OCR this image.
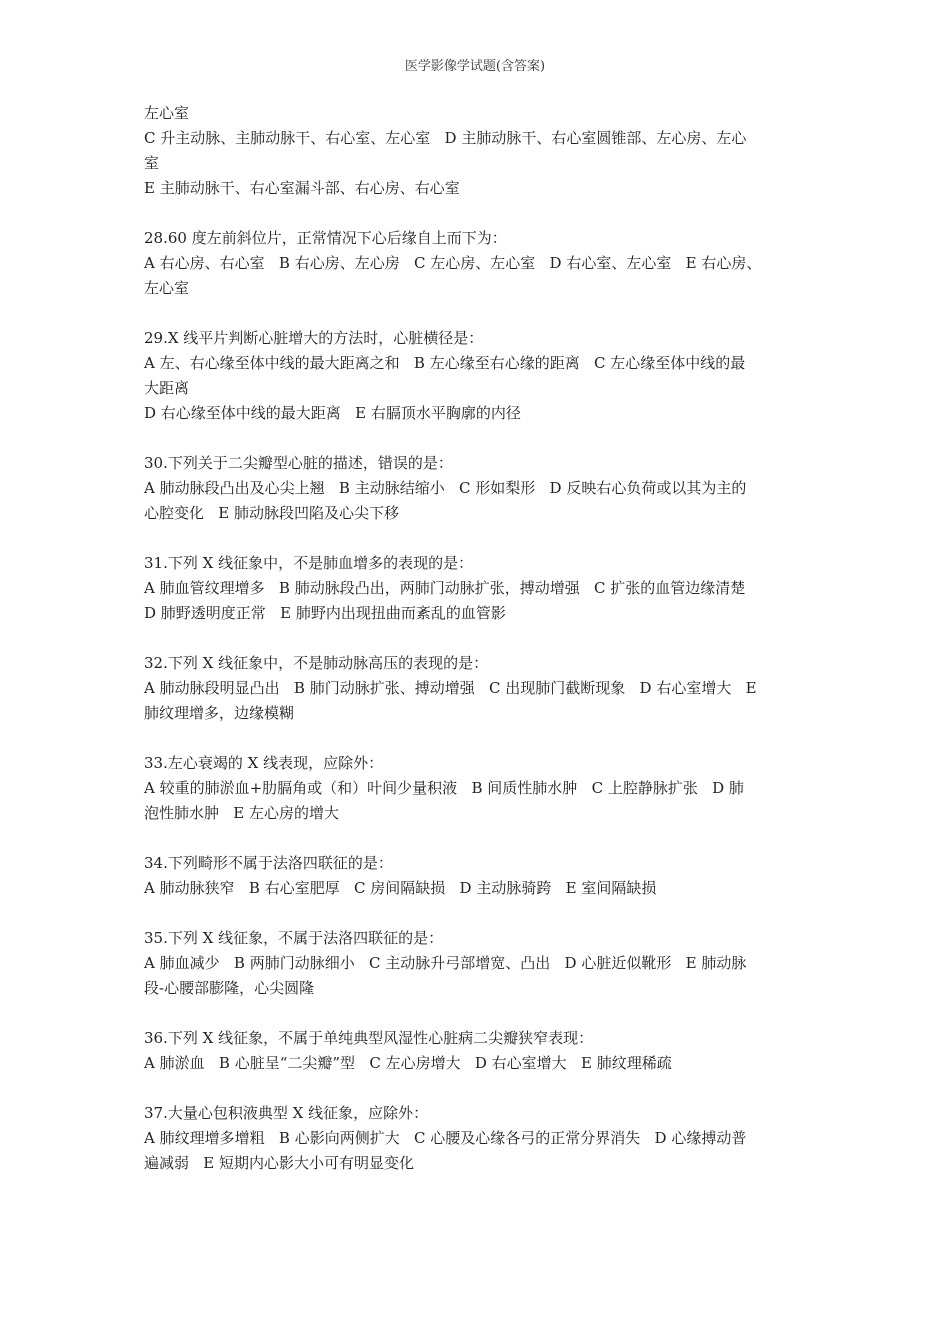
医学影像学试题(含答案)
左心室
C 升主动脉、主肺动脉干、右心室、左心室   D 主肺动脉干、右心室圆锥部、左心房、左心
室
E 主肺动脉干、右心室漏斗部、右心房、右心室
28.60 度左前斜位片，正常情况下心后缘自上而下为：
A 右心房、右心室   B 右心房、左心房   C 左心房、左心室   D 右心室、左心室   E 右心房、
左心室
29.X 线平片判断心脏增大的方法时，心脏横径是：
A 左、右心缘至体中线的最大距离之和   B 左心缘至右心缘的距离   C 左心缘至体中线的最
大距离
D 右心缘至体中线的最大距离   E 右膈顶水平胸廓的内径
30.下列关于二尖瓣型心脏的描述，错误的是：
A 肺动脉段凸出及心尖上翘   B 主动脉结缩小   C 形如梨形   D 反映右心负荷或以其为主的
心腔变化   E 肺动脉段凹陷及心尖下移
31.下列 X 线征象中，不是肺血增多的表现的是：
A 肺血管纹理增多   B 肺动脉段凸出，两肺门动脉扩张，搏动增强   C 扩张的血管边缘清楚
D 肺野透明度正常   E 肺野内出现扭曲而紊乱的血管影
32.下列 X 线征象中，不是肺动脉高压的表现的是：
A 肺动脉段明显凸出   B 肺门动脉扩张、搏动增强   C 出现肺门截断现象   D 右心室增大   E
肺纹理增多，边缘模糊
33.左心衰竭的 X 线表现，应除外：
A 较重的肺淤血+肋膈角或（和）叶间少量积液   B 间质性肺水肿   C 上腔静脉扩张   D 肺
泡性肺水肿   E 左心房的增大
34.下列畸形不属于法洛四联征的是：
A 肺动脉狭窄   B 右心室肥厚   C 房间隔缺损   D 主动脉骑跨   E 室间隔缺损
35.下列 X 线征象，不属于法洛四联征的是：
A 肺血减少   B 两肺门动脉细小   C 主动脉升弓部增宽、凸出   D 心脏近似靴形   E 肺动脉
段-心腰部膨隆，心尖圆隆
36.下列 X 线征象，不属于单纯典型风湿性心脏病二尖瓣狭窄表现：
A 肺淤血   B 心脏呈“二尖瓣”型   C 左心房增大   D 右心室增大   E 肺纹理稀疏
37.大量心包积液典型 X 线征象，应除外：
A 肺纹理增多增粗   B 心影向两侧扩大   C 心腰及心缘各弓的正常分界消失   D 心缘搏动普
遍减弱   E 短期内心影大小可有明显变化
